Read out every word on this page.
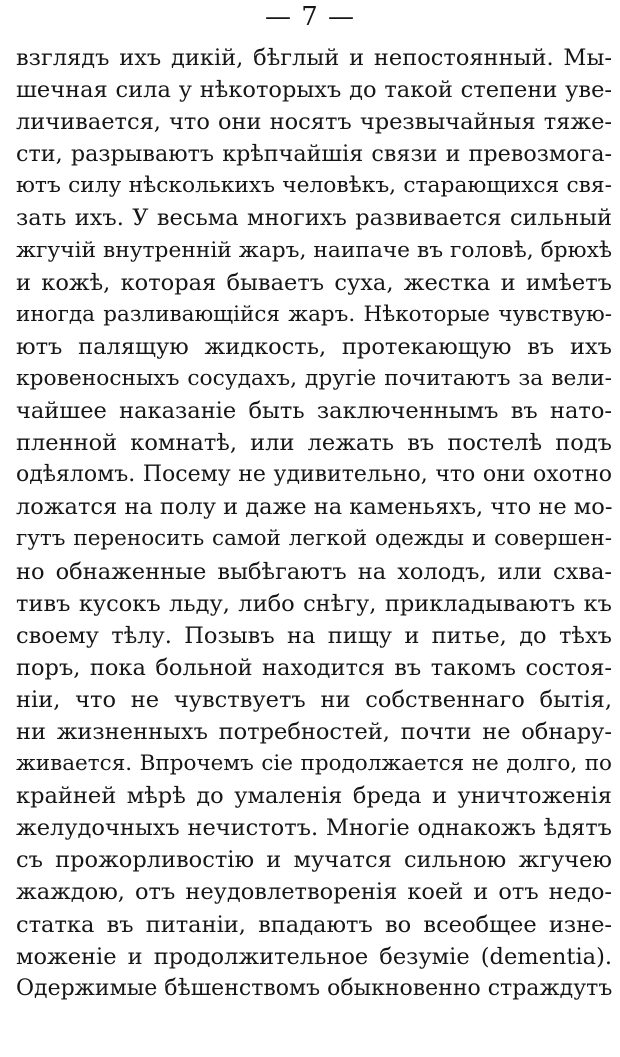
— 7 —
взглядъ ихъ дикій, бѣглый и непостоянный. Мы-
шечная сила у нѣкоторыхъ до такой степени уве-
личивается, что они носятъ чрезвычайныя тяже-
сти, разрываютъ крѣпчайшія связи и превозмога-
ютъ силу нѣсколькихъ человѣкъ, старающихся свя-
зать ихъ. У весьма многихъ развивается сильный
жгучій внутренній жаръ, наипаче въ головѣ, брюхѣ
и кожѣ, которая бываетъ суха, жестка и имѣетъ
иногда разливающійся жаръ. Нѣкоторые чувствую-
ютъ палящую жидкость, протекающую въ ихъ
кровеносныхъ сосудахъ, другіе почитаютъ за вели-
чайшее наказаніе быть заключеннымъ въ нато-
пленной комнатѣ, или лежать въ постелѣ подъ
одѣяломъ. Посему не удивительно, что они охотно
ложатся на полу и даже на каменьяхъ, что не мо-
гутъ переносить самой легкой одежды и совершен-
но обнаженные выбѣгаютъ на холодъ, или схва-
тивъ кусокъ льду, либо снѣгу, прикладываютъ къ
своему тѣлу. Позывъ на пищу и питье, до тѣхъ
поръ, пока больной находится въ такомъ состоя-
ніи, что не чувствуетъ ни собственнаго бытія,
ни жизненныхъ потребностей, почти не обнару-
живается. Впрочемъ сіе продолжается не долго, по
крайней мѣрѣ до умаленія бреда и уничтоженія
желудочныхъ нечистотъ. Многіе однакожъ ѣдятъ
съ прожорливостію и мучатся сильною жгучею
жаждою, отъ неудовлетворенія коей и отъ недо-
статка въ питаніи, впадаютъ во всеобщее изне-
моженіе и продолжительное безуміе (dementia).
Одержимые бѣшенствомъ обыкновенно страждутъ
